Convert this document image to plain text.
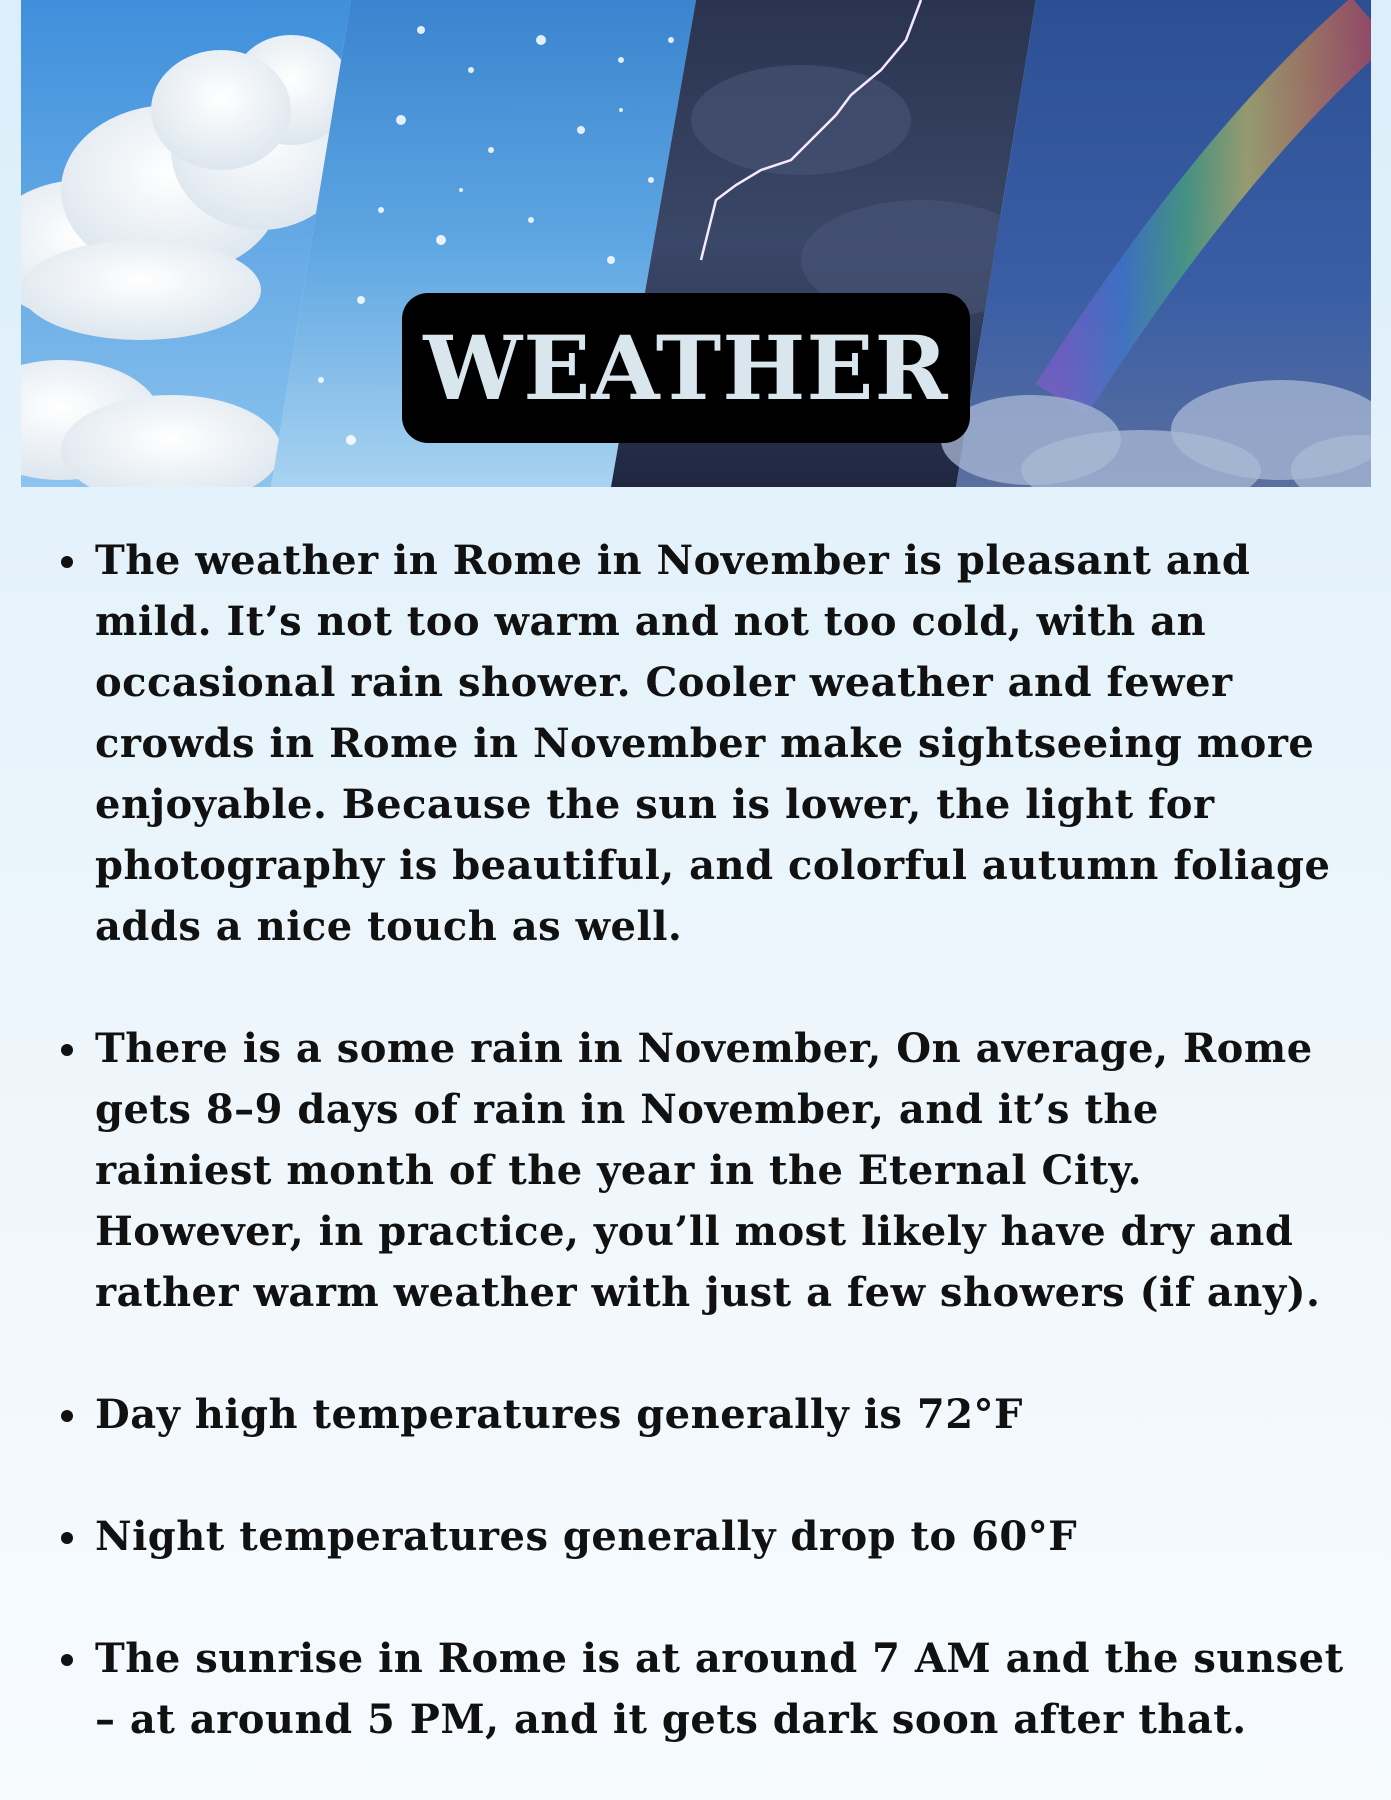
WEATHER
The weather in Rome in November is pleasant and mild. It’s not too warm and not too cold, with an occasional rain shower. Cooler weather and fewer crowds in Rome in November make sightseeing more enjoyable. Because the sun is lower, the light for photography is beautiful, and colorful autumn foliage adds a nice touch as well.
There is a some rain in November, On average, Rome gets 8–9 days of rain in November, and it’s the rainiest month of the year in the Eternal City. However, in practice, you’ll most likely have dry and rather warm weather with just a few showers (if any).
Day high temperatures generally is 72°F
Night temperatures generally drop to 60°F
The sunrise in Rome is at around 7 AM and the sunset – at around 5 PM, and it gets dark soon after that.
